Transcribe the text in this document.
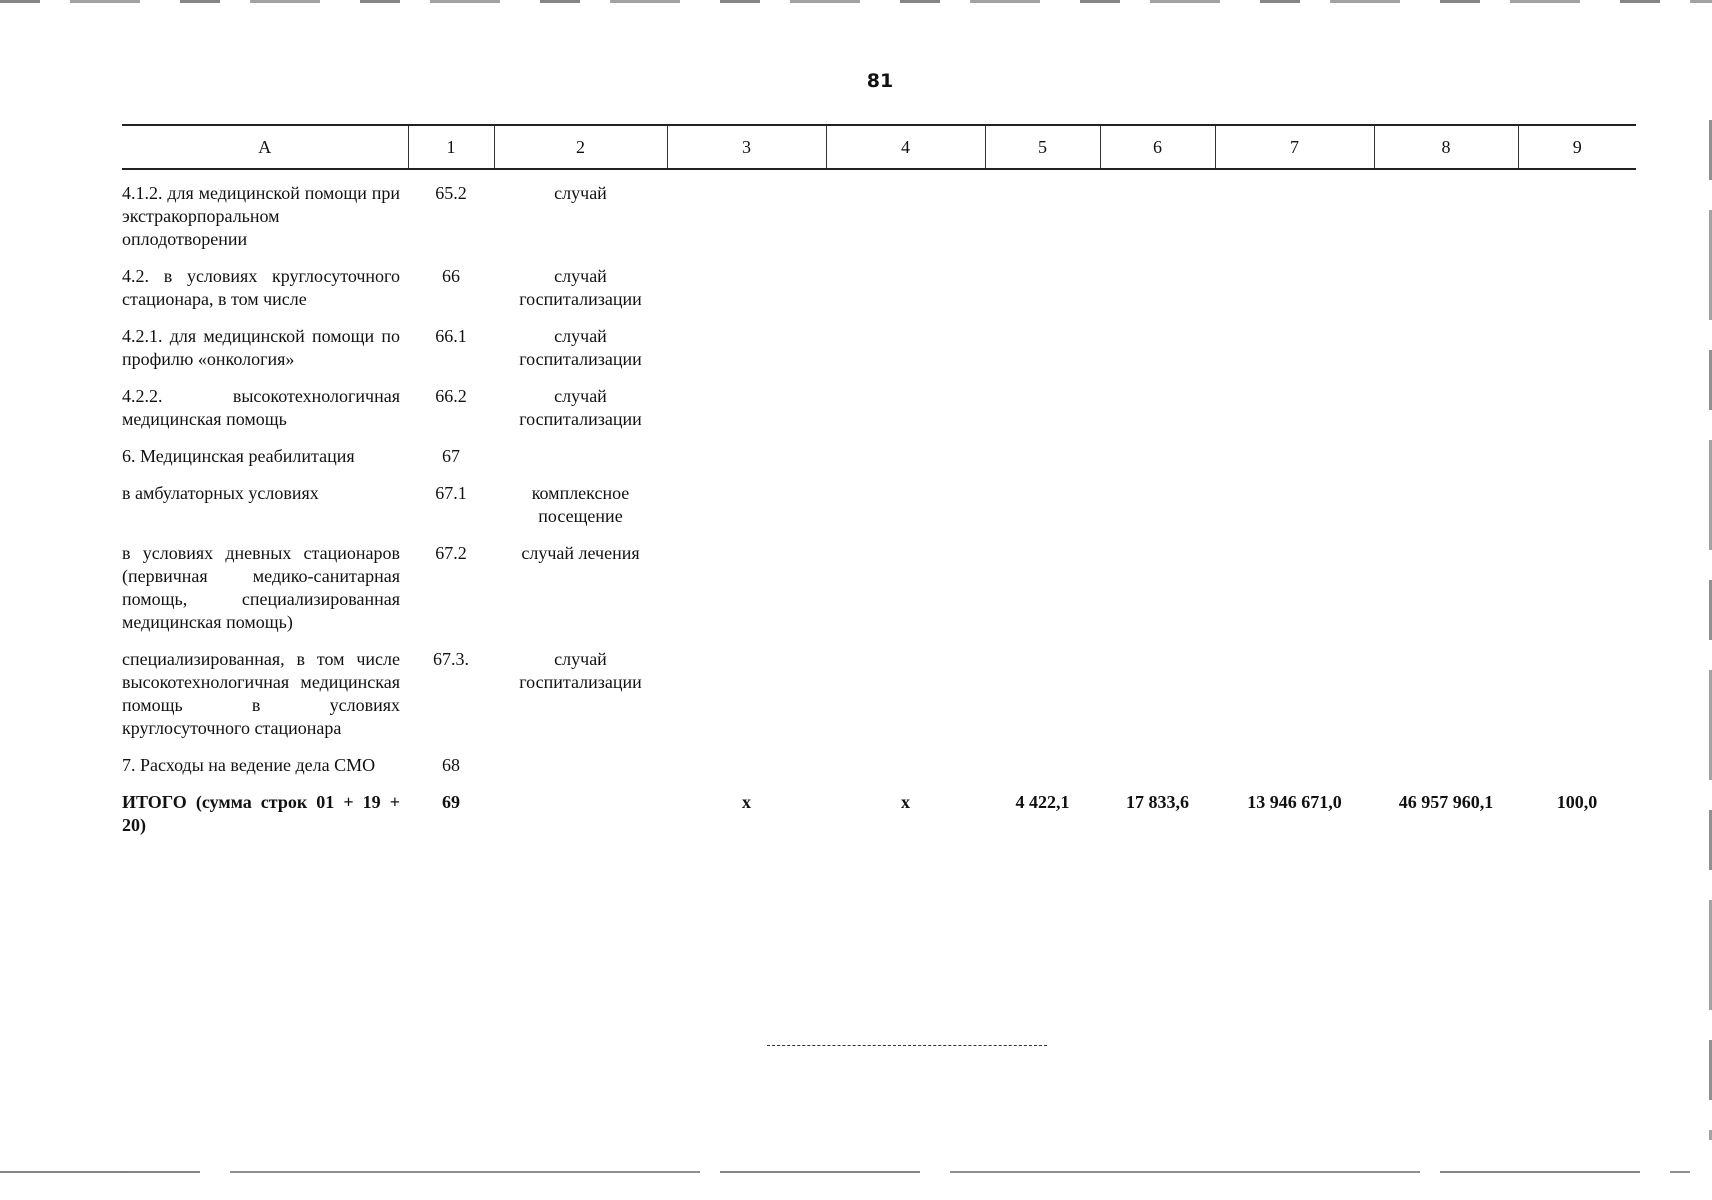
81
А	1	2	3	4	5	6	7	8	9
4.1.2. для медицинской помощи при экстракорпоральном оплодотворении	65.2	случай							
4.2. в условиях круглосуточного стационара, в том числе	66	случай госпитализации							
4.2.1. для медицинской помощи по профилю «онкология»	66.1	случай госпитализации							
4.2.2. высокотехнологичная медицинская помощь	66.2	случай госпитализации							
6. Медицинская реабилитация	67								
в амбулаторных условиях	67.1	комплексное посещение							
в условиях дневных стационаров (первичная медико-санитарная помощь, специализированная медицинская помощь)	67.2	случай лечения							
специализированная, в том числе высокотехнологичная медицинская помощь в условиях круглосуточного стационара	67.3.	случай госпитализации							
7. Расходы на ведение дела СМО	68								
ИТОГО (сумма строк 01 + 19 + 20)	69		х	х	4 422,1	17 833,6	13 946 671,0	46 957 960,1	100,0
